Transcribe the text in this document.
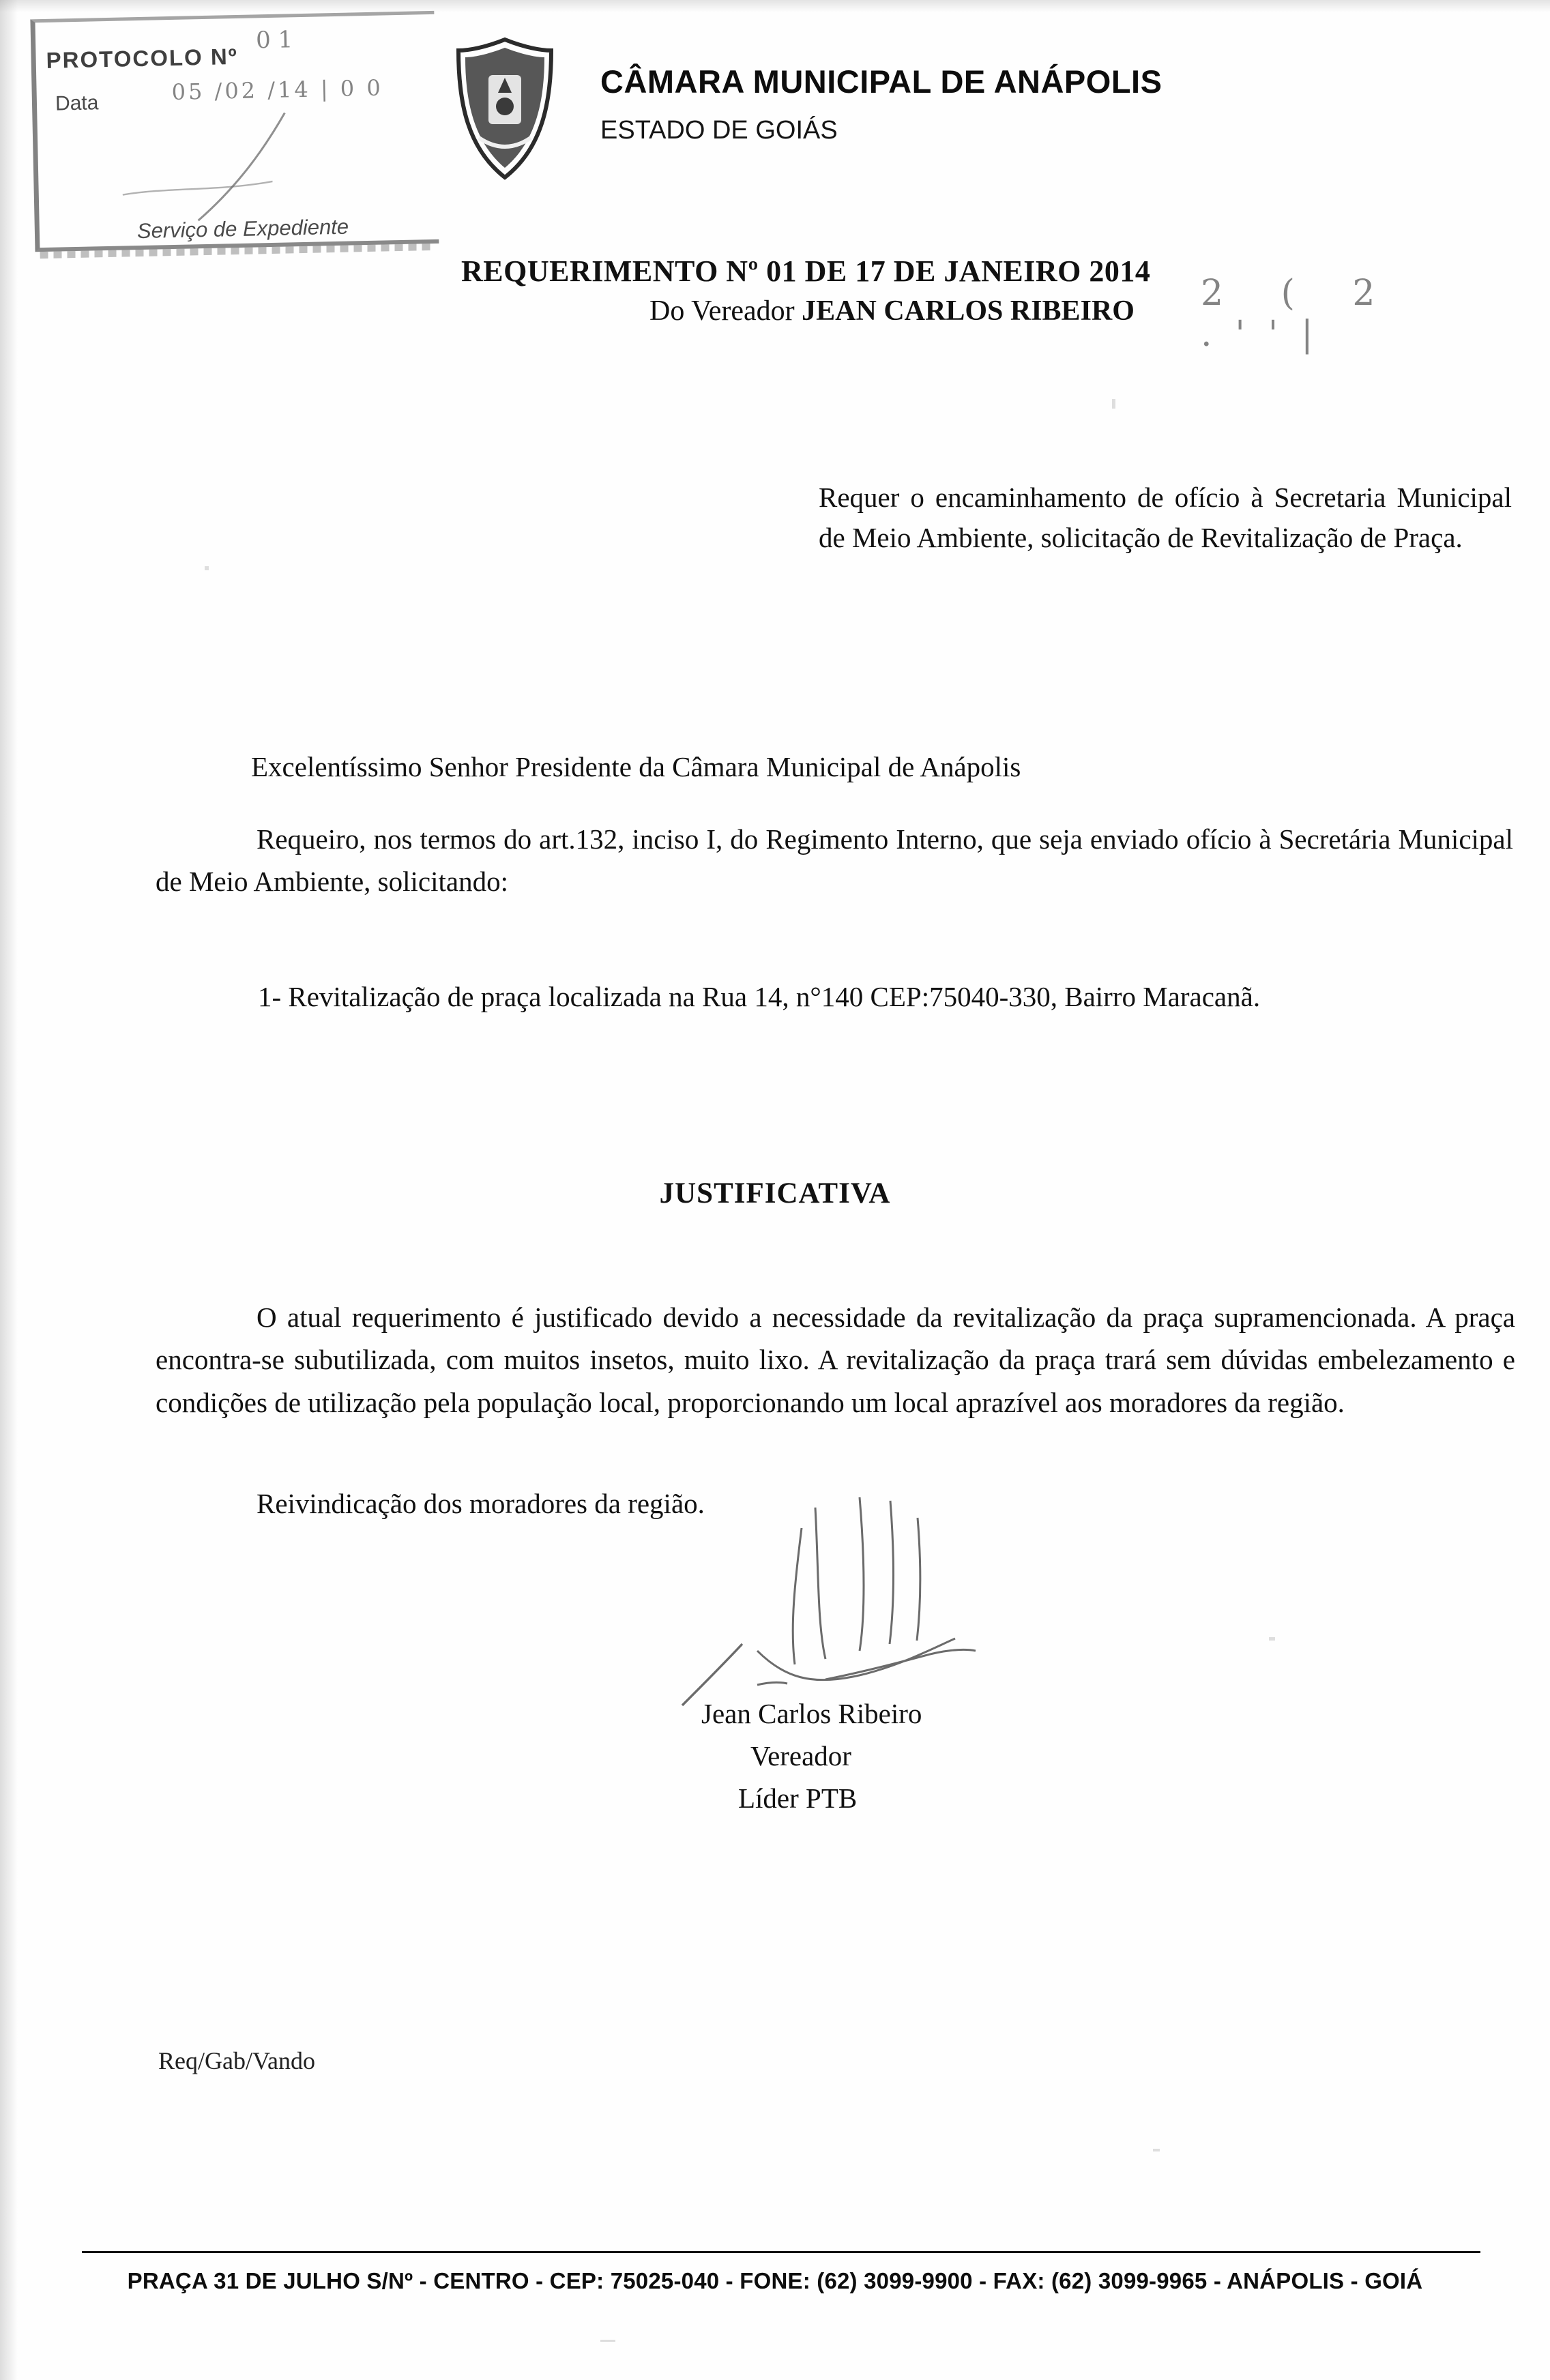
PROTOCOLO Nº
Data
Serviço de Expediente
0 1
05 /02 /14 | 0 0	CÂMARA MUNICIPAL DE ANÁPOLIS
ESTADO DE GOIÁS
REQUERIMENTO Nº 01 DE 17 DE JANEIRO 2014
Do Vereador JEAN CARLOS RIBEIRO 2 ( 2 .''|
Requer o encaminhamento de ofício à Secretaria Municipal de Meio Ambiente, solicitação de Revitalização de Praça.
Excelentíssimo Senhor Presidente da Câmara Municipal de Anápolis
Requeiro, nos termos do art.132, inciso I, do Regimento Interno, que seja enviado ofício à Secretária Municipal de Meio Ambiente, solicitando:
1- Revitalização de praça localizada na Rua 14, n°140 CEP:75040-330, Bairro Maracanã.
JUSTIFICATIVA
O atual requerimento é justificado devido a necessidade da revitalização da praça supramencionada. A praça encontra-se subutilizada, com muitos insetos, muito lixo. A revitalização da praça trará sem dúvidas embelezamento e condições de utilização pela população local, proporcionando um local aprazível aos moradores da região.
Reivindicação dos moradores da região.
Jean Carlos Ribeiro
Vereador
Líder PTB
Req/Gab/Vando
PRAÇA 31 DE JULHO S/Nº - CENTRO - CEP: 75025-040 - FONE: (62) 3099-9900 - FAX: (62) 3099-9965 - ANÁPOLIS - GOIÁ
